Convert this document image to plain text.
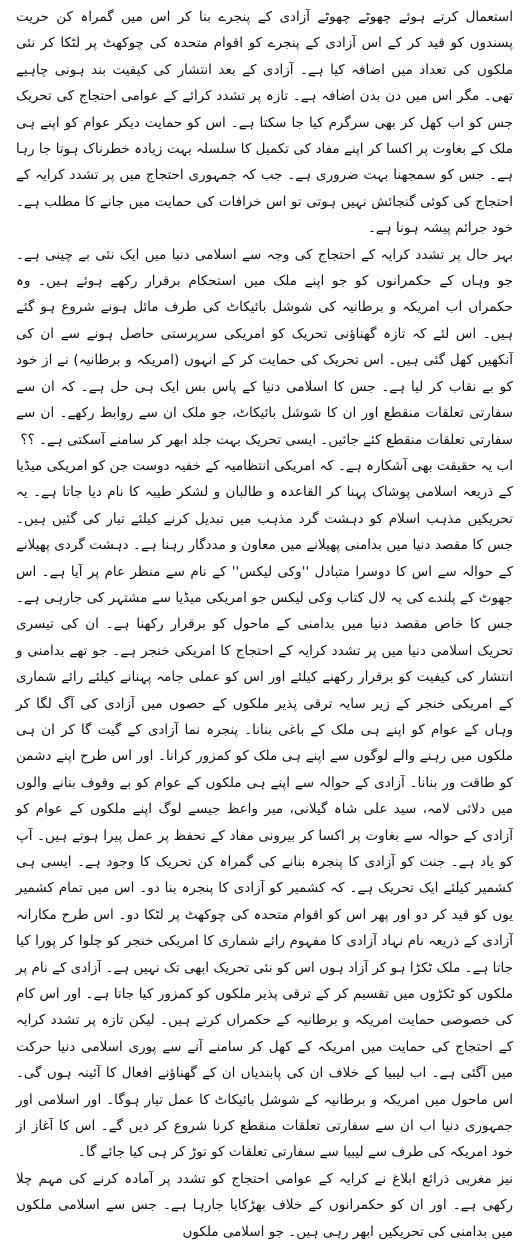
استعمال کرتے ہوئے چھوٹے چھوٹے آزادی کے پنجرے بنا کر اس میں گمراہ کن حریت پسندوں کو قید کر کے اس آزادی کے پنجرے کو اقوام متحدہ کی چوکھٹ پر لٹکا کر نئی ملکوں کی تعداد میں اضافہ کیا ہے۔ آزادی کے بعد انتشار کی کیفیت بند ہونی چاہیے تھی۔ مگر اس میں دن بدن اضافہ ہے۔ تازہ پر تشدد کرائے کے عوامی احتجاج کی تحریک جس کو اب کھل کر بھی سرگرم کیا جا سکتا ہے۔ اس کو حمایت دیکر عوام کو اپنے ہی ملک کے بغاوت پر اکسا کر اپنے مفاد کی تکمیل کا سلسلہ بہت زیادہ خطرناک ہوتا جا رہا ہے۔ جس کو سمجھنا بہت ضروری ہے۔ جب کہ جمہوری احتجاج میں پر تشدد کرایہ کے احتجاج کی کوئی گنجائش نہیں ہوتی تو اس خرافات کی حمایت میں جانے کا مطلب ہے۔ خود جرائم پیشہ ہونا ہے۔

بہر حال پر تشدد کرایہ کے احتجاج کی وجہ سے اسلامی دنیا میں ایک نئی بے چینی ہے۔ جو وہاں کے حکمرانوں کو جو اپنے ملک میں استحکام برقرار رکھے ہوئے ہیں۔ وہ حکمراں اب امریکہ و برطانیہ کی شوشل بائیکاٹ کی طرف مائل ہونے شروع ہو گئے ہیں۔ اس لئے کہ تازہ گھناؤنی تحریک کو امریکی سرپرستی حاصل ہونے سے ان کی آنکھیں کھل گئی ہیں۔ اس تحریک کی حمایت کر کے انہوں (امریکہ و برطانیہ) نے از خود کو بے نقاب کر لیا ہے۔ جس کا اسلامی دنیا کے پاس بس ایک ہی حل ہے۔ کہ ان سے سفارتی تعلقات منقطع اور ان کا شوشل بائیکاٹ، جو ملک ان سے روابط رکھے۔ ان سے سفارتی تعلقات منقطع کئے جائیں۔ ایسی تحریک بہت جلد ابھر کر سامنے آسکتی ہے۔ ؟؟

اب یہ حقیقت بھی آشکارہ ہے۔ کہ امریکی انتظامیہ کے خفیہ دوست جن کو امریکی میڈیا کے ذریعہ اسلامی پوشاک پہنا کر القاعدہ و طالبان و لشکر طیبہ کا نام دیا جاتا ہے۔ یہ تحریکیں مذہب اسلام کو دہشت گرد مذہب میں تبدیل کرنے کیلئے تیار کی گئیں ہیں۔ جس کا مقصد دنیا میں بدامنی پھیلانے میں معاون و مددگار رہنا ہے۔ دہشت گردی پھیلانے کے حوالہ سے اس کا دوسرا متبادل ''وکی لیکس'' کے نام سے منظر عام پر آیا ہے۔ اس جھوٹ کے پلندے کی یہ لال کتاب وکی لیکس جو امریکی میڈیا سے مشتہر کی جارہی ہے۔ جس کا خاص مقصد دنیا میں بدامنی کے ماحول کو برقرار رکھنا ہے۔ ان کی تیسری تحریک اسلامی دنیا میں پر تشدد کرایہ کے احتجاج کا امریکی خنجر ہے۔ جو تھے بدامنی و انتشار کی کیفیت کو برقرار رکھنے کیلئے اور اس کو عملی جامہ پہنانے کیلئے رائے شماری کے امریکی خنجر کے زیر سایہ ترقی پذیر ملکوں کے حصوں میں آزادی کی آگ لگا کر وہاں کے عوام کو اپنے ہی ملک کے باغی بنانا۔ پنجرہ نما آزادی کے گیت گا کر ان ہی ملکوں میں رہنے والے لوگوں سے اپنے ہی ملک کو کمزور کرانا۔ اور اس طرح اپنے دشمن کو طاقت ور بنانا۔ آزادی کے حوالہ سے اپنے ہی ملکوں کے عوام کو بے وقوف بنانے والوں میں دلائی لامہ، سید علی شاہ گیلانی، میر واعظ جیسے لوگ اپنے ملکوں کے عوام کو آزادی کے حوالہ سے بغاوت پر اکسا کر بیرونی مفاد کے تحفظ پر عمل پیرا ہوتے ہیں۔ آپ کو یاد ہے۔ جنت کو آزادی کا پنجرہ بنانے کی گمراہ کن تحریک کا وجود ہے۔ ایسی ہی کشمیر کیلئے ایک تحریک ہے۔ کہ کشمیر کو آزادی کا پنجرہ بنا دو۔ اس میں تمام کشمیر یوں کو قید کر دو اور پھر اس کو اقوام متحدہ کی چوکھٹ پر لٹکا دو۔ اس طرح مکارانہ آزادی کے ذریعہ نام نہاد آزادی کا مفہوم رائے شماری کا امریکی خنجر کو چلوا کر پورا کیا جاتا ہے۔ ملک ٹکڑا ہو کر آزاد ہوں اس کو نئی تحریک ابھی تک نہیں ہے۔ آزادی کے نام پر ملکوں کو ٹکڑوں میں تقسیم کر کے ترقی پذیر ملکوں کو کمزور کیا جاتا ہے۔ اور اس کام کی خصوصی حمایت امریکہ و برطانیہ کے حکمراں کرتے ہیں۔ لیکن تازہ پر تشدد کرایہ کے احتجاج کی حمایت میں امریکہ کے کھل کر سامنے آنے سے پوری اسلامی دنیا حرکت میں آگئی ہے۔ اب لیبیا کے خلاف ان کی پابندیاں ان کے گھناؤنے افعال کا آئینہ ہوں گی۔ اس ماحول میں امریکہ و برطانیہ کے شوشل بائیکاٹ کا عمل تیار ہوگا۔ اور اسلامی اور جمہوری دنیا اب ان سے سفارتی تعلقات منقطع کرنا شروع کر دیں گے۔ اس کا آغاز از خود امریکہ کی طرف سے لیبیا سے سفارتی تعلقات کو توڑ کر ہی کیا جائے گا۔

نیز مغربی ذرائع ابلاغ نے کرایہ کے عوامی احتجاج کو تشدد پر آمادہ کرنے کی مہم چلا رکھی ہے۔ اور ان کو حکمرانوں کے خلاف بھڑکایا جارہا ہے۔ جس سے اسلامی ملکوں میں بدامنی کی تحریکیں ابھر رہی ہیں۔ جو اسلامی ملکوں
